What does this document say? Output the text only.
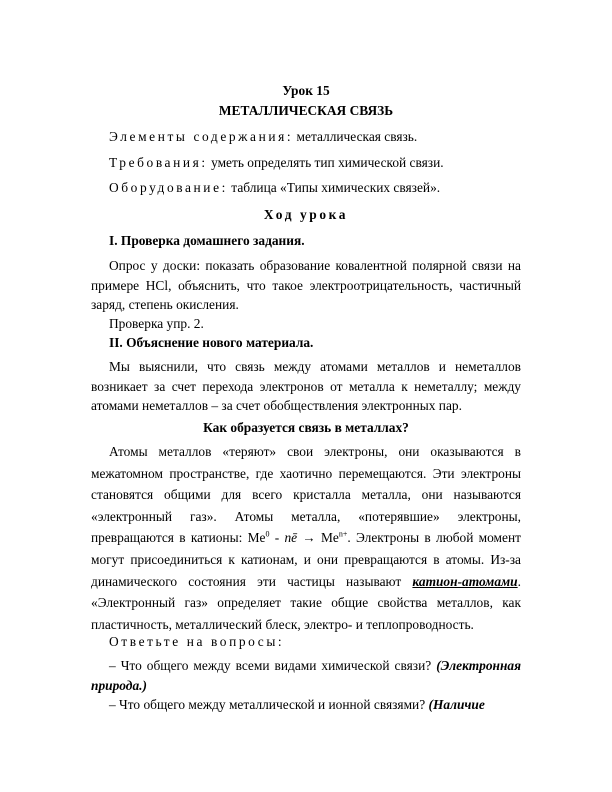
Урок 15

МЕТАЛЛИЧЕСКАЯ СВЯЗЬ

Элементы содержания: металлическая связь.

Требования: уметь определять тип химической связи.

Оборудование: таблица «Типы химических связей».

Ход урока

I. Проверка домашнего задания.

Опрос у доски: показать образование ковалентной полярной связи на примере HCl, объяснить, что такое электроотрицательность, частичный заряд, степень окисления.

Проверка упр. 2.

II. Объяснение нового материала.

Мы выяснили, что связь между атомами металлов и неметаллов возникает за счет перехода электронов от металла к неметаллу; между атомами неметаллов – за счет обобществления электронных пар.

Как образуется связь в металлах?

Атомы металлов «теряют» свои электроны, они оказываются в межатомном пространстве, где хаотично перемещаются. Эти электроны становятся общими для всего кристалла металла, они называются «электронный газ». Атомы металла, «потерявшие» электроны, превращаются в катионы: Me$^0$ - nē → $Me^{n+}$. Электроны в любой момент могут присоединиться к катионам, и они превращаются в атомы. Из-за динамического состояния эти частицы называют катион-атомами. «Электронный газ» определяет такие общие свойства металлов, как пластичность, металлический блеск, электро- и теплопроводность.

Ответьте на вопросы:

– Что общего между всеми видами химической связи? (Электронная природа.)

– Что общего между металлической и ионной связями? (Наличие
